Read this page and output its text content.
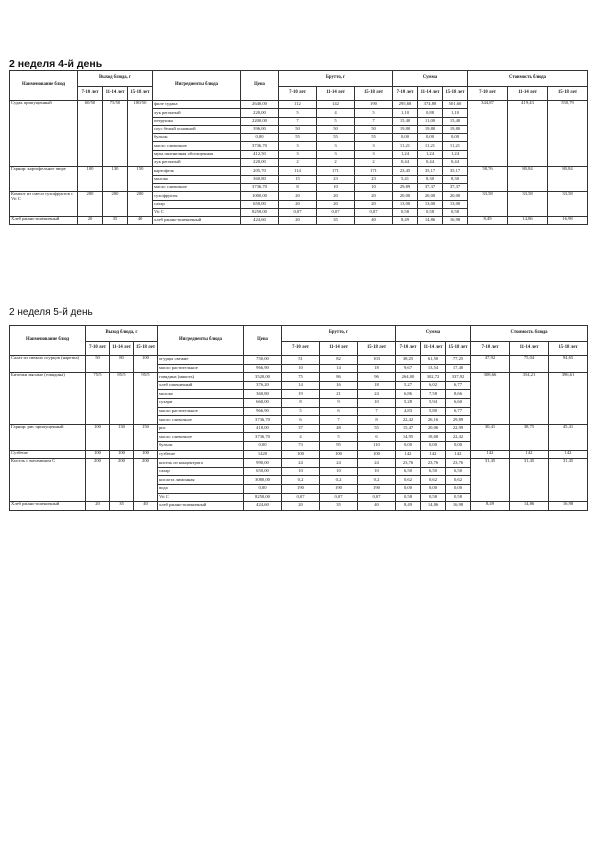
2 неделя 4-й день
Наименование блюд	Выход блюда, г			Ингредиенты блюда	Цена	Брутто, г			Сумма			Стоимость блюда		
	7-10 лет	11-14 лет	15-18 лет			7-10 лет	11-14 лет	15-18 лет	7-10 лет	11-14 лет	15-18 лет	7-10 лет	11-14 лет	15-18 лет
Судак припущенный	60/50	75/50	100/50	филе судака	2640,00	112	142	190	295,68	374,88	501,60	344,87	419,43	550,79
				лук репчатый	220,00	5	4	5	1,10	0,88	1,10			
				петрушка	2200,00	7	5	7	15,40	11,00	15,40			
				соус белый основной	396,00	50	50	50	19,80	19,80	19,80			
				бульон	0,00	55	55	55	0,00	0,00	0,00			
				масло сливочное	3736,70	3	3	3	11,21	11,21	11,21			
				мука пшеничная обогащенная	412,50	3	3	3	1,24	1,24	1,24			
				лук репчатый	220,00	2	2	2	0,44	0,44	0,44			
Гарнир: картофельное пюре	100	130	150	картофель	205,70	114	171	171	23,45	35,17	35,17	58,76	80,84	80,84
				молоко	360,80	15	23	23	5,41	8,30	8,30			
				масло сливочное	3736,70	8	10	10	29,89	37,37	37,37			
Компот из смеси сухофруктов с Vit C	200	200	200	сухофрукты	1000,00	20	20	20	20,00	20,00	20,00	33,58	33,58	33,58
				сахар	650,00	20	20	20	13,00	13,00	13,00			
				Vit C	8250,00	0,07	0,07	0,07	0,58	0,58	0,58			
Хлеб ржано-пшеничный	20	35	40	хлеб ржано-пшеничный	424,60	20	35	40	8,49	14,86	16,98	8,49	14,86	16,98
2 неделя 5-й день
Наименование блюд	Выход блюда, г			Ингредиенты блюда	Цена	Брутто, г			Сумма			Стоимость блюда		
	7-10 лет	11-14 лет	15-18 лет			7-10 лет	11-14 лет	15-18 лет	7-10 лет	11-14 лет	15-18 лет	7-10 лет	11-14 лет	15-18 лет
Салат из свежих огурцов (нарезка)	50	80	100	огурцы свежие	750,00	51	82	103	38,25	61,50	77,25	47,92	75,04	94,65
				масло растительное	966,90	10	14	18	9,67	13,54	17,40			
Биточки мясные (говядина)	75/5	85/5	95/5	говядина (мякоть)	3520,00	75	86	96	264,00	302,72	337,92	308,66	354,21	396,61
				хлеб пшеничный	376,20	14	16	18	5,27	6,02	6,77			
				молоко	360,80	19	21	24	6,86	7,58	8,66			
				сухари	660,00	8	9	10	5,28	5,94	6,60			
				масло растительное	966,90	5	6	7	4,83	5,80	6,77			
				масло сливочное	3736,70	6	7	8	22,42	26,16	29,89			
Гарнир: рис припущенный	100	130	150	рис	418,00	37	48	55	15,47	20,06	22,99	30,41	38,75	45,41
				масло сливочное	3736,70	4	5	6	14,95	18,68	22,42			
				бульон	0,00	73	95	110	0,00	0,00	0,00			
Сузбеше	100	100	100	сузбеше	1420	100	100	100	142	142	142	142	142	142
Кисель с витамином С	200	200	200	кисель из концентрата	990,00	24	24	24	23,76	23,76	23,76	31,45	31,45	31,45
				сахар	650,00	10	10	10	6,50	6,50	6,50			
				кислота лимонная	3080,00	0,2	0,2	0,2	0,62	0,62	0,62			
				вода	0,00	190	190	190	0,00	0,00	0,00			
				Vit C	8250,00	0,07	0,07	0,07	0,58	0,58	0,58			
Хлеб ржано-пшеничный	20	35	40	хлеб ржано-пшеничный	424,60	20	35	40	8,49	14,86	16,98	8,49	14,86	16,98
